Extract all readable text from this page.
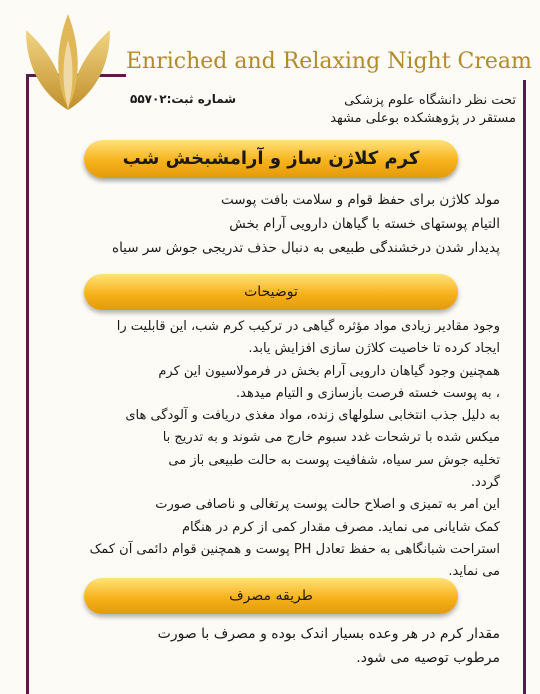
Enriched and Relaxing Night Cream
تحت نظر دانشگاه علوم پزشکی
مستقر در پژوهشکده بوعلی مشهد
شماره ثبت:۵۵۷۰۲
کرم کلاژن ساز و آرامشبخش شب
مولد کلاژن برای حفظ قوام و سلامت بافت پوست
التیام پوستهای خسته با گیاهان دارویی آرام بخش
پدیدار شدن درخشندگی طبیعی به دنبال حذف تدریجی جوش سر سیاه
توضیحات
وجود مقادیر زیادی مواد مؤثره گیاهی در ترکیب کرم شب، این قابلیت را
ایجاد کرده تا خاصیت کلاژن سازی افزایش یابد.
همچنین وجود گیاهان دارویی آرام بخش در فرمولاسیون این کرم
، به پوست خسته فرصت بازسازی و التیام میدهد.
به دلیل جذب انتخابی سلولهای زنده، مواد مغذی دریافت و آلودگی های
میکس شده با ترشحات غدد سبوم خارج می شوند و به تدریج با
تخلیه جوش سر سیاه، شفافیت پوست به حالت طبیعی باز می
گردد.
این امر به تمیزی و اصلاح حالت پوست پرتغالی و ناصافی صورت
کمک شایانی می نماید. مصرف مقدار کمی از کرم در هنگام
استراحت شبانگاهی به حفظ تعادل PH پوست و همچنین قوام دائمی آن کمک
می نماید.
طریقه مصرف
مقدار کرم در هر وعده بسیار اندک بوده و مصرف با صورت
مرطوب توصیه می شود.
